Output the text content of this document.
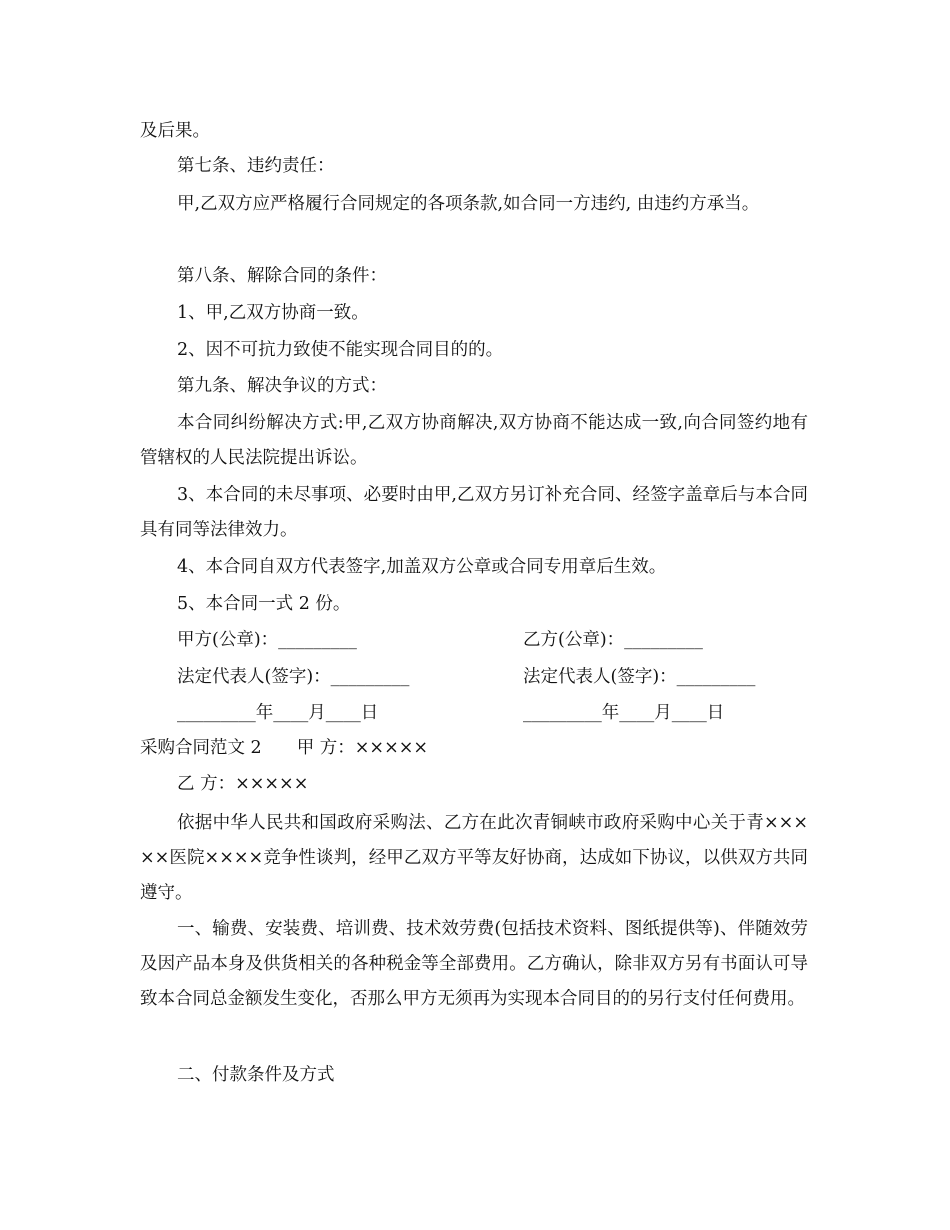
及后果。
第七条、违约责任：
甲,乙双方应严格履行合同规定的各项条款,如合同一方违约, 由违约方承当。
第八条、解除合同的条件：
1、甲,乙双方协商一致。
2、因不可抗力致使不能实现合同目的的。
第九条、解决争议的方式：
本合同纠纷解决方式:甲,乙双方协商解决,双方协商不能达成一致,向合同签约地有管辖权的人民法院提出诉讼。
3、本合同的未尽事项、必要时由甲,乙双方另订补充合同、经签字盖章后与本合同具有同等法律效力。
4、本合同自双方代表签字,加盖双方公章或合同专用章后生效。
5、本合同一式 2 份。
甲方(公章)：_________	乙方(公章)：_________
法定代表人(签字)：_________	法定代表人(签字)：_________
_________年____月____日	_________年____月____日
采购合同范文 2　　甲 方：×××××
乙 方：×××××
依据中华人民共和国政府采购法、乙方在此次青铜峡市政府采购中心关于青×××××医院××××竞争性谈判，经甲乙双方平等友好协商，达成如下协议，以供双方共同遵守。
一、输费、安装费、培训费、技术效劳费(包括技术资料、图纸提供等)、伴随效劳及因产品本身及供货相关的各种税金等全部费用。乙方确认，除非双方另有书面认可导致本合同总金额发生变化，否那么甲方无须再为实现本合同目的的另行支付任何费用。
二、付款条件及方式
